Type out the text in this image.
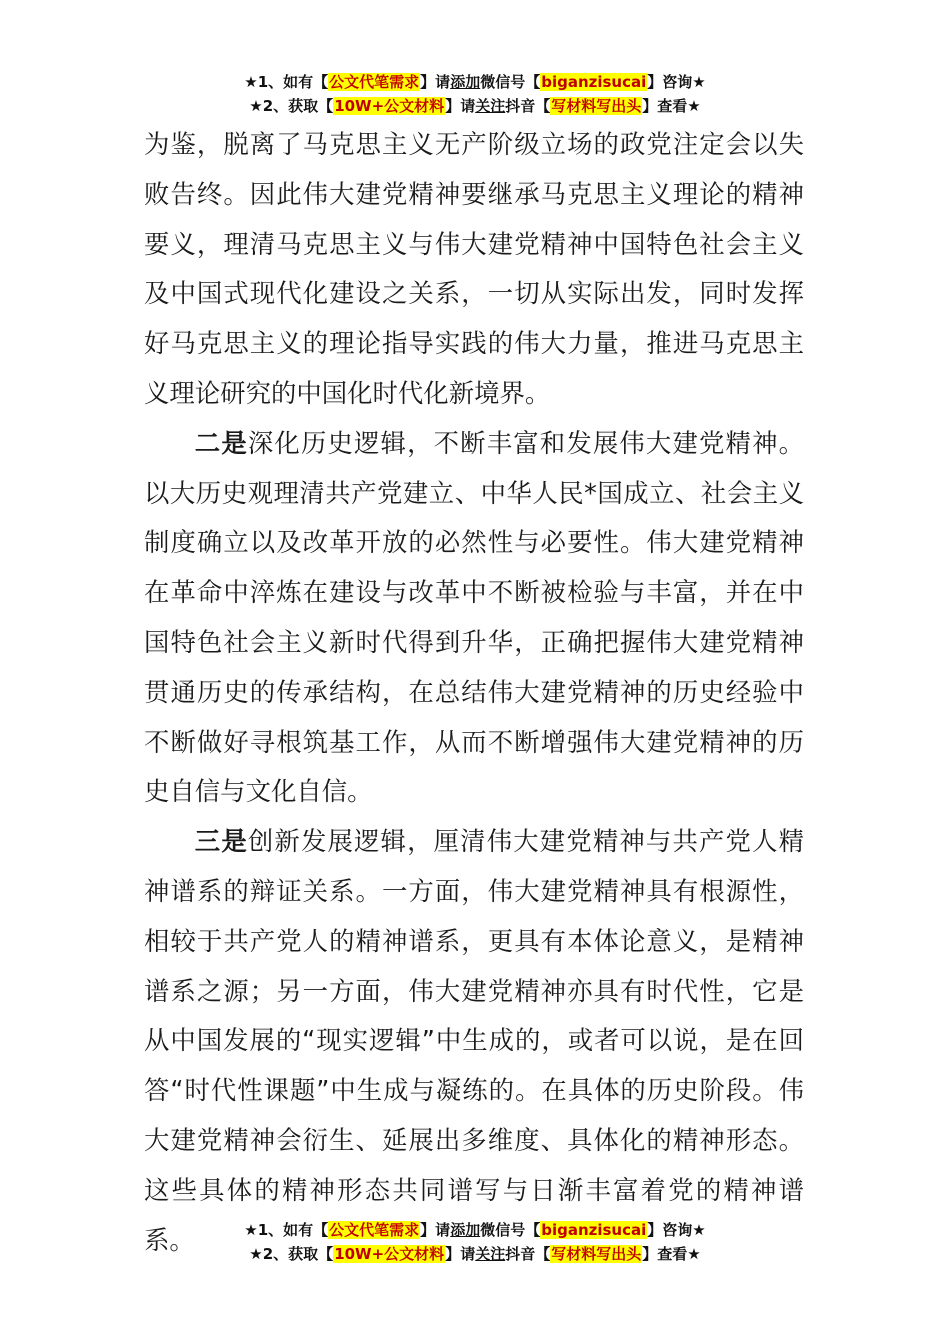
★1、如有【公文代笔需求】请添加微信号【biganzisucai】咨询★
★2、获取【10W+公文材料】请关注抖音【写材料写出头】查看★

为鉴，脱离了马克思主义无产阶级立场的政党注定会以失败告终。因此伟大建党精神要继承马克思主义理论的精神要义，理清马克思主义与伟大建党精神中国特色社会主义及中国式现代化建设之关系，一切从实际出发，同时发挥好马克思主义的理论指导实践的伟大力量，推进马克思主义理论研究的中国化时代化新境界。

二是深化历史逻辑，不断丰富和发展伟大建党精神。以大历史观理清共产党建立、中华人民*国成立、社会主义制度确立以及改革开放的必然性与必要性。伟大建党精神在革命中淬炼在建设与改革中不断被检验与丰富，并在中国特色社会主义新时代得到升华，正确把握伟大建党精神贯通历史的传承结构，在总结伟大建党精神的历史经验中不断做好寻根筑基工作，从而不断增强伟大建党精神的历史自信与文化自信。

三是创新发展逻辑，厘清伟大建党精神与共产党人精神谱系的辩证关系。一方面，伟大建党精神具有根源性，相较于共产党人的精神谱系，更具有本体论意义，是精神谱系之源；另一方面，伟大建党精神亦具有时代性，它是从中国发展的“现实逻辑”中生成的，或者可以说，是在回答“时代性课题”中生成与凝练的。在具体的历史阶段。伟大建党精神会衍生、延展出多维度、具体化的精神形态。这些具体的精神形态共同谱写与日渐丰富着党的精神谱系。	★1、如有【公文代笔需求】请添加微信号【biganzisucai】咨询★
★2、获取【10W+公文材料】请关注抖音【写材料写出头】查看★
